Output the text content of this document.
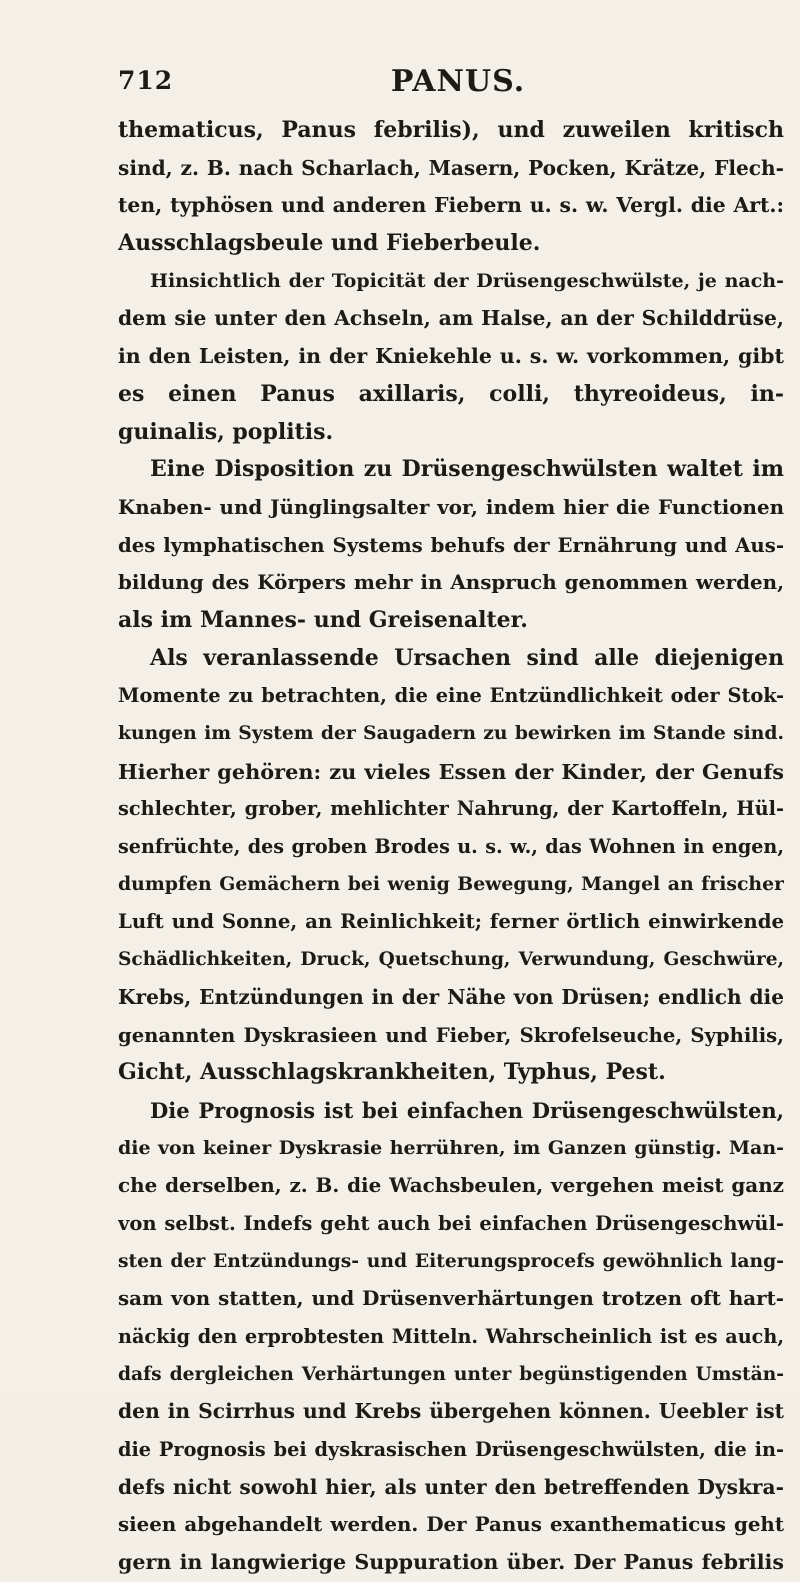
712	PANUS.
thematicus, Panus febrilis), und zuweilen kritisch
sind, z. B. nach Scharlach, Masern, Pocken, Krätze, Flech-
ten, typhösen und anderen Fiebern u. s. w. Vergl. die Art.:
Ausschlagsbeule und Fieberbeule.
Hinsichtlich der Topicität der Drüsengeschwülste, je nach-
dem sie unter den Achseln, am Halse, an der Schilddrüse,
in den Leisten, in der Kniekehle u. s. w. vorkommen, gibt
es einen Panus axillaris, colli, thyreoideus, in-
guinalis, poplitis.
Eine Disposition zu Drüsengeschwülsten waltet im
Knaben- und Jünglingsalter vor, indem hier die Functionen
des lymphatischen Systems behufs der Ernährung und Aus-
bildung des Körpers mehr in Anspruch genommen werden,
als im Mannes- und Greisenalter.
Als veranlassende Ursachen sind alle diejenigen
Momente zu betrachten, die eine Entzündlichkeit oder Stok-
kungen im System der Saugadern zu bewirken im Stande sind.
Hierher gehören: zu vieles Essen der Kinder, der Genufs
schlechter, grober, mehlichter Nahrung, der Kartoffeln, Hül-
senfrüchte, des groben Brodes u. s. w., das Wohnen in engen,
dumpfen Gemächern bei wenig Bewegung, Mangel an frischer
Luft und Sonne, an Reinlichkeit; ferner örtlich einwirkende
Schädlichkeiten, Druck, Quetschung, Verwundung, Geschwüre,
Krebs, Entzündungen in der Nähe von Drüsen; endlich die
genannten Dyskrasieen und Fieber, Skrofelseuche, Syphilis,
Gicht, Ausschlagskrankheiten, Typhus, Pest.
Die Prognosis ist bei einfachen Drüsengeschwülsten,
die von keiner Dyskrasie herrühren, im Ganzen günstig. Man-
che derselben, z. B. die Wachsbeulen, vergehen meist ganz
von selbst. Indefs geht auch bei einfachen Drüsengeschwül-
sten der Entzündungs- und Eiterungsprocefs gewöhnlich lang-
sam von statten, und Drüsenverhärtungen trotzen oft hart-
näckig den erprobtesten Mitteln. Wahrscheinlich ist es auch,
dafs dergleichen Verhärtungen unter begünstigenden Umstän-
den in Scirrhus und Krebs übergehen können. Ueebler ist
die Prognosis bei dyskrasischen Drüsengeschwülsten, die in-
defs nicht sowohl hier, als unter den betreffenden Dyskra-
sieen abgehandelt werden. Der Panus exanthematicus geht
gern in langwierige Suppuration über. Der Panus febrilis
